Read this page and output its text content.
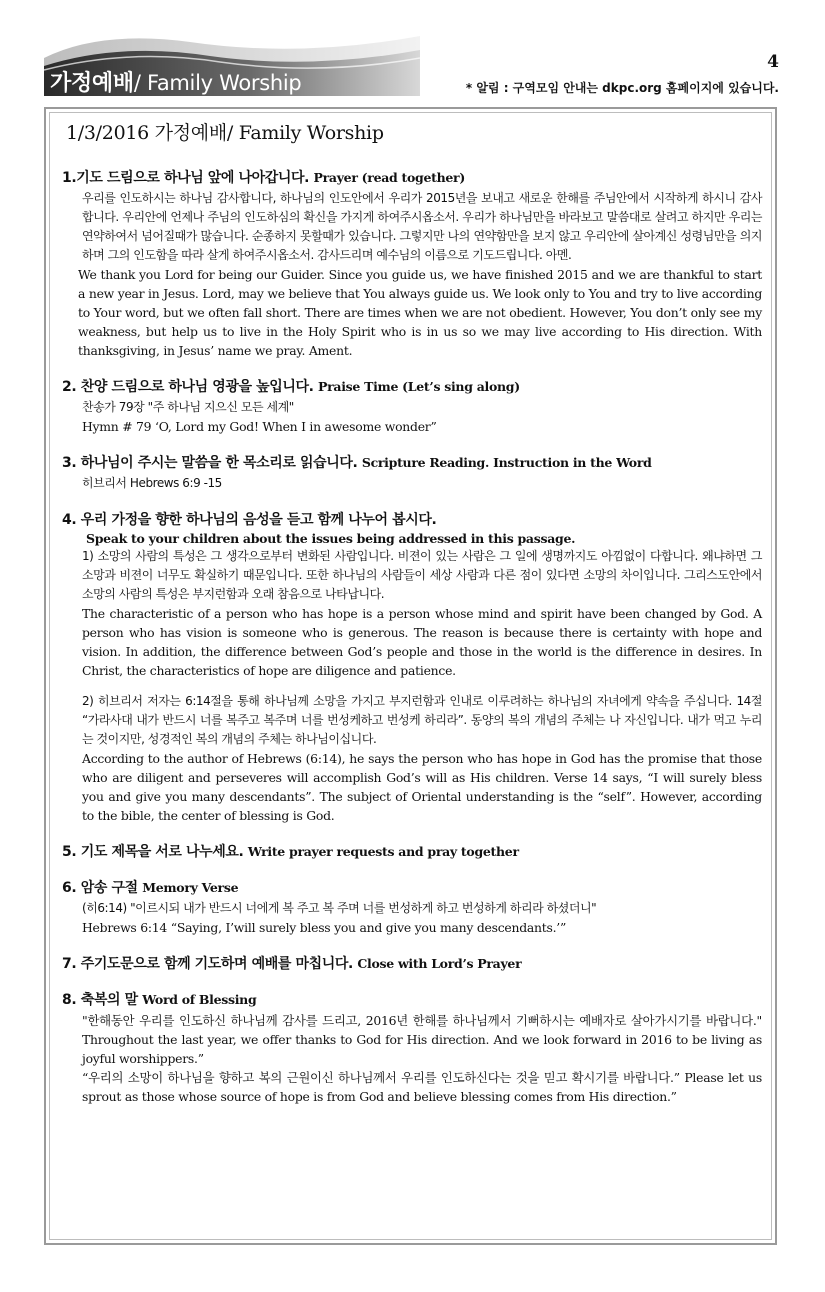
가정예배/ Family Worship
4
* 알림 : 구역모임 안내는 dkpc.org 홈페이지에 있습니다.
1/3/2016 가정예배/ Family Worship
1.기도 드림으로 하나님 앞에 나아갑니다. Prayer (read together)
우리를 인도하시는 하나님 감사합니다, 하나님의 인도안에서 우리가 2015년을 보내고 새로운 한해를 주님안에서 시작하게 하시니 감사합니다. 우리안에 언제나 주님의 인도하심의 확신을 가지게 하여주시옵소서. 우리가 하나님만을 바라보고 말씀대로 살려고 하지만 우리는 연약하여서 넘어질때가 많습니다. 순종하지 못할때가 있습니다. 그렇지만 나의 연약함만을 보지 않고 우리안에 살아계신 성령님만을 의지하며 그의 인도함을 따라 살게 하여주시옵소서. 감사드리며 예수님의 이름으로 기도드립니다. 아멘.
We thank you Lord for being our Guider. Since you guide us, we have finished 2015 and we are thankful to start a new year in Jesus. Lord, may we believe that You always guide us. We look only to You and try to live according to Your word, but we often fall short. There are times when we are not obedient. However, You don’t only see my weakness, but help us to live in the Holy Spirit who is in us so we may live according to His direction. With thanksgiving, in Jesus’ name we pray. Ament.
2. 찬양 드림으로 하나님 영광을 높입니다. Praise Time (Let’s sing along)
찬송가 79장 "주 하나님 지으신 모든 세계"
Hymn # 79 ‘O, Lord my God! When I in awesome wonder”
3. 하나님이 주시는 말씀을 한 목소리로 읽습니다. Scripture Reading. Instruction in the Word
히브리서 Hebrews 6:9 -15
4. 우리 가정을 향한 하나님의 음성을 듣고 함께 나누어 봅시다.
Speak to your children about the issues being addressed in this passage.
1) 소망의 사람의 특성은 그 생각으로부터 변화된 사람입니다. 비젼이 있는 사람은 그 일에 생명까지도 아낌없이 다합니다. 왜냐하면 그 소망과 비젼이 너무도 확실하기 때문입니다. 또한 하나님의 사람들이 세상 사람과 다른 점이 있다면 소망의 차이입니다. 그리스도안에서 소망의 사람의 특성은 부지런함과 오래 참음으로 나타납니다.
The characteristic of a person who has hope is a person whose mind and spirit have been changed by God. A person who has vision is someone who is generous. The reason is because there is certainty with hope and vision. In addition, the difference between God’s people and those in the world is the difference in desires. In Christ, the characteristics of hope are diligence and patience.
2) 히브리서 저자는 6:14절을 통해 하나님께 소망을 가지고 부지런함과 인내로 이루려하는 하나님의 자녀에게 약속을 주십니다. 14절 “가라사대 내가 반드시 너를 복주고 복주며 너를 번성케하고 번성케 하리라”. 동양의 복의 개념의 주체는 나 자신입니다. 내가 먹고 누리는 것이지만, 성경적인 복의 개념의 주체는 하나님이십니다.
According to the author of Hebrews (6:14), he says the person who has hope in God has the promise that those who are diligent and perseveres will accomplish God’s will as His children. Verse 14 says, “I will surely bless you and give you many descendants”. The subject of Oriental understanding is the “self”. However, according to the bible, the center of blessing is God.
5. 기도 제목을 서로 나누세요. Write prayer requests and pray together
6. 암송 구절 Memory Verse
(히6:14) "이르시되 내가 반드시 너에게 복 주고 복 주며 너를 번성하게 하고 번성하게 하리라 하셨더니"
Hebrews 6:14 “Saying, I’will surely bless you and give you many descendants.’”
7. 주기도문으로 함께 기도하며 예배를 마칩니다. Close with Lord’s Prayer
8. 축복의 말 Word of Blessing
"한해동안 우리를 인도하신 하나님께 감사를 드리고, 2016년 한해를 하나님께서 기뻐하시는 예배자로 살아가시기를 바랍니다." Throughout the last year, we offer thanks to God for His direction. And we look forward in 2016 to be living as joyful worshippers.”
“우리의 소망이 하나님을 향하고 복의 근원이신 하나님께서 우리를 인도하신다는 것을 믿고 확시기를 바랍니다.” Please let us sprout as those whose source of hope is from God and believe blessing comes from His direction.”
